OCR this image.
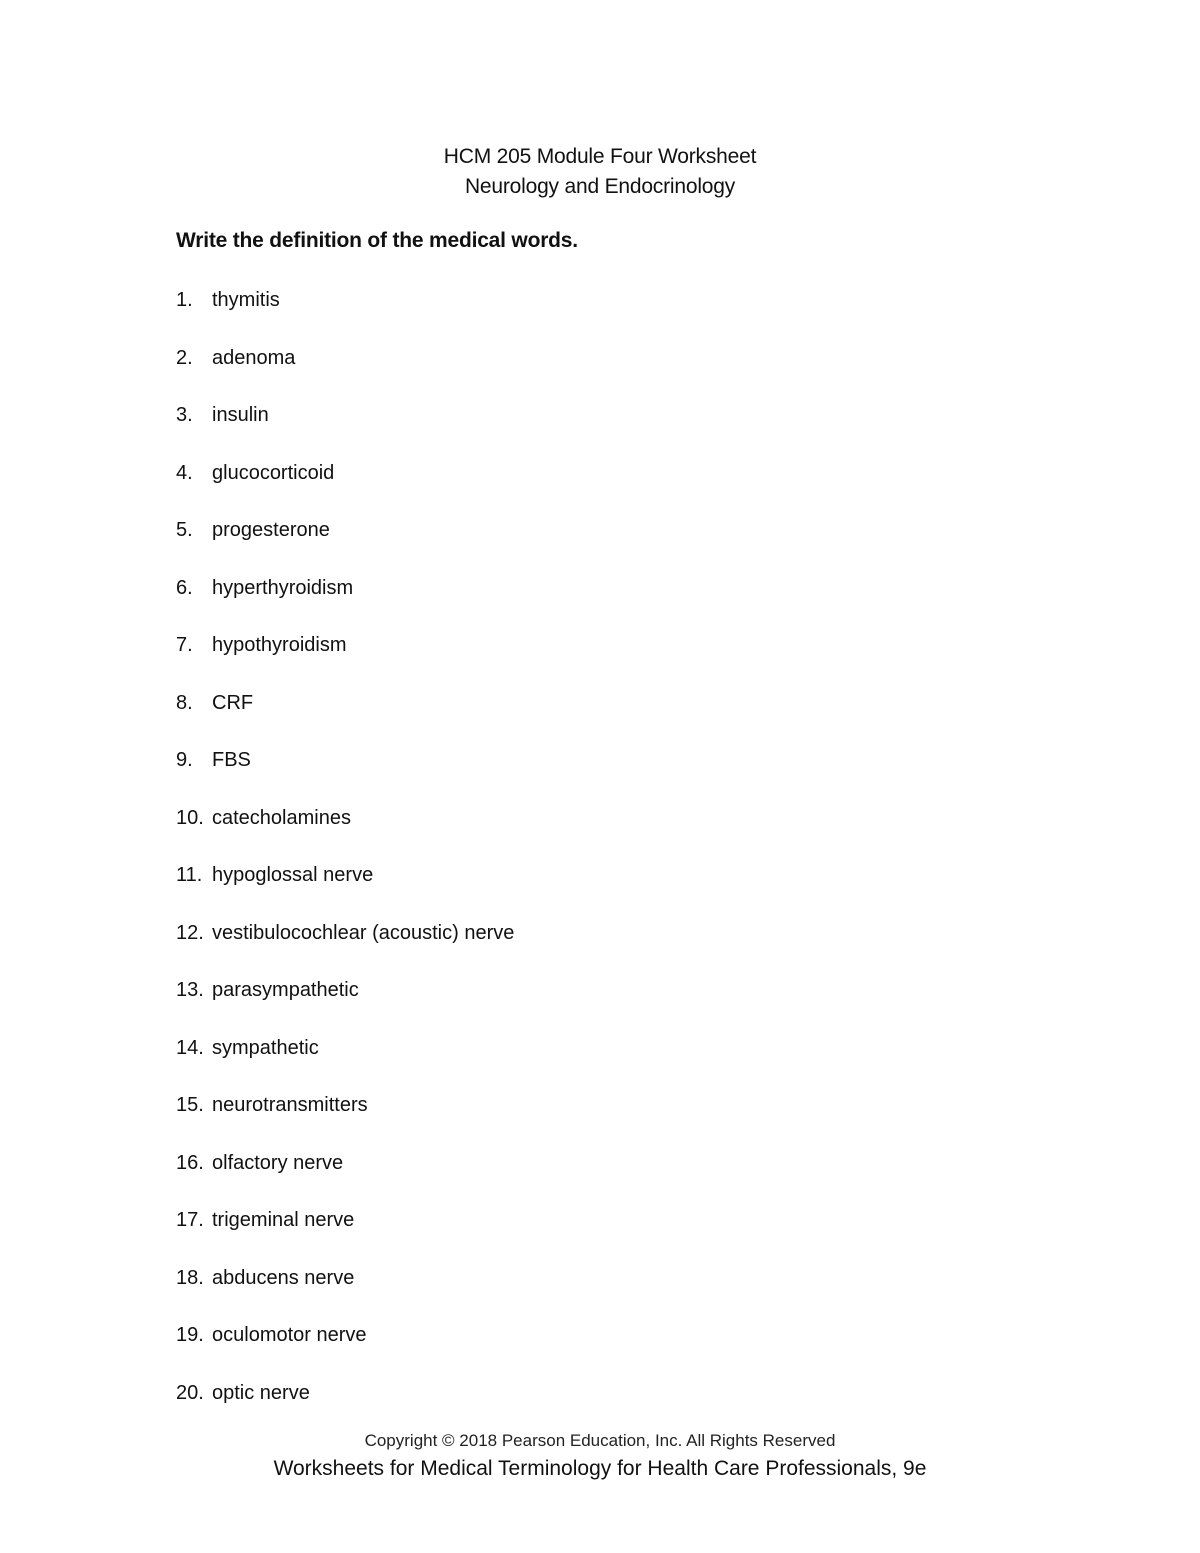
HCM 205 Module Four Worksheet
Neurology and Endocrinology
Write the definition of the medical words.
1. thymitis
2. adenoma
3. insulin
4. glucocorticoid
5. progesterone
6. hyperthyroidism
7. hypothyroidism
8. CRF
9. FBS
10. catecholamines
11. hypoglossal nerve
12. vestibulocochlear (acoustic) nerve
13. parasympathetic
14. sympathetic
15. neurotransmitters
16. olfactory nerve
17. trigeminal nerve
18. abducens nerve
19. oculomotor nerve
20. optic nerve
Copyright © 2018 Pearson Education, Inc. All Rights Reserved
Worksheets for Medical Terminology for Health Care Professionals, 9e
